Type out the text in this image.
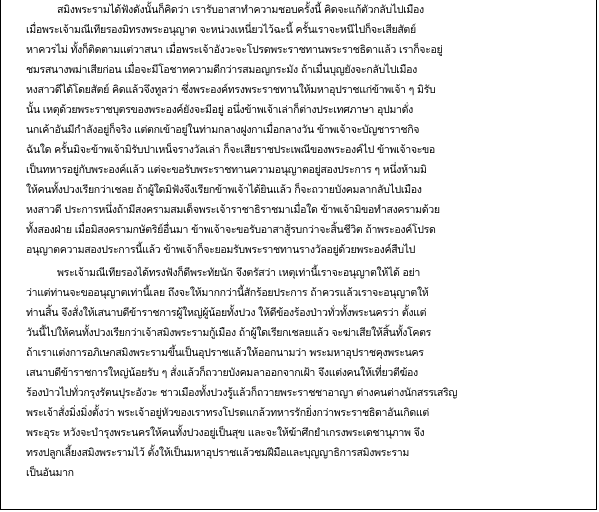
สมิงพระรามได้ฟังดังนั้นก็คิดว่า เรารับอาสาทำความชอบครั้งนี้ คิดจะแก้ตัวกลับไปเมือง
เมื่อพระเจ้ามณีเทียรองมิทรงพระอนุญาต จะหน่วงเหนี่ยวไว้ฉะนี้ ครั้นเราจะหนีไปก็จะเสียสัตย์
หาควรไม่ ทั้งก็ติดตามแต่วาสนา เมื่อพระเจ้าอังวะจะโปรดพระราชทานพระราชธิดาแล้ว เราก็จะอยู่
ชมรสนางพม่าเสียก่อน เมื่อจะมีโอชาทความดีกว่ารสมอญกระมัง ถ้าเมื่นบุญยังจะกลับไปเมือง
หงสาวดีได้โดยสัตย์ คิดแล้วจึงทูลว่า ซึ่งพระองค์ทรงพระราชทานให้มหาอุปราชแก่ข้าพเจ้า ๆ มิรับ
นั้น เหตุด้วยพระราชบุตรของพระองค์ยังจะมีอยู่ อนึ่งข้าพเจ้าเล่าก็ต่างประเทศภาษา อุปมาดั่ง
นกเค้าอันมีกำลังอยู่ก็จริง แต่ตกเข้าอยู่ในท่ามกลางฝูงกาเมื่อกลางวัน ข้าพเจ้าจะบัญชาราชกิจ
ฉันใด ครั้นมิจะข้าพเจ้ามิรับปาเหน็จรางวัลเล่า ก็จะเสียราชประเพณีของพระองค์ไป ข้าพเจ้าจะขอ
เป็นทหารอยู่กับพระองค์แล้ว แต่จะขอรับพระราชทานความอนุญาตอยู่สองประการ ๆ หนึ่งห้ามมิ
ให้คนทั้งปวงเรียกว่าเชลย ถ้าผู้ใดมิฟังจึงเรียกข้าพเจ้าได้ยินแล้ว ก็จะถวายบังคมลากลับไปเมือง
หงสาวดี ประการหนึ่งถ้ามีสงครามสมเด็จพระเจ้าราชาธิราชมาเมื่อใด ข้าพเจ้ามิขอทำสงครามด้วย
ทั้งสองฝ่าย เมื่อมิสงครามกษัตริย์อื่นมา ข้าพเจ้าจะขอรับอาสาสู้รบกว่าจะสิ้นชีวิต ถ้าพระองค์โปรด
อนุญาตความสองประการนี้แล้ว ข้าพเจ้าก็จะยอมรับพระราชทานรางวัลอยู่ด้วยพระองค์สืบไป
พระเจ้ามณีเทียรองได้ทรงฟังก็ดีพระทัยนัก จึงตรัสว่า เหตุเท่านี้เราจะอนุญาตให้ได้ อย่า
ว่าแต่ท่านจะขออนุญาตเท่านี้เลย ถึงจะให้มากกว่านี้สักร้อยประการ ถ้าควรแล้วเราจะอนุญาตให้
ท่านสิ้น จึงสั่งให้เสนาบดีข้าราชการผู้ใหญ่ผู้น้อยทั้งปวง ให้ดีข้องร้องป่าวทั่วทั้งพระนครว่า ตั้งแต่
วันนี้ไปให้คนทั้งปวงเรียกว่าเจ้าสมิงพระรามกู้เมือง ถ้าผู้ใดเรียกเชลยแล้ว จะฆ่าเสียให้สิ้นทั้งโคตร
ถ้าเราแต่งการอภิเษกสมิงพระรามขึ้นเป็นอุปราชแล้วให้ออกนามว่า พระมหาอุปราชคุงพระนคร
เสนาบดีข้าราชการใหญ่น้อยรับ ๆ สั่งแล้วก็ถวายบังคมลาออกจากเฝ้า จึงแต่งคนให้เที่ยวตีฆ้อง
ร้องป่าวไปทั่วกรุงรัตนปุระอังวะ ชาวเมืองทั้งปวงรู้แล้วก็ถวายพระราชชาอาญา ต่างคนต่างนักสรรเสริญ
พระเจ้าสั่งมิ่งมิ่งตั้งว่า พระเจ้าอยู่หัวของเราทรงโปรดแกล้วทหารรักยิ่งกว่าพระราชธิดาอันเกิดแต่
พระอุระ หวังจะบำรุงพระนครให้คนทั้งปวงอยู่เป็นสุข และจะให้ฆ้าศึกยำเกรงพระเดชานุภาพ จึง
ทรงปลูกเลี้ยงสมิงพระรามไว้ ตั้งให้เป็นมหาอุปราชแล้วชมฝีมือและบุญญาธิการสมิงพระราม
เป็นอันมาก
